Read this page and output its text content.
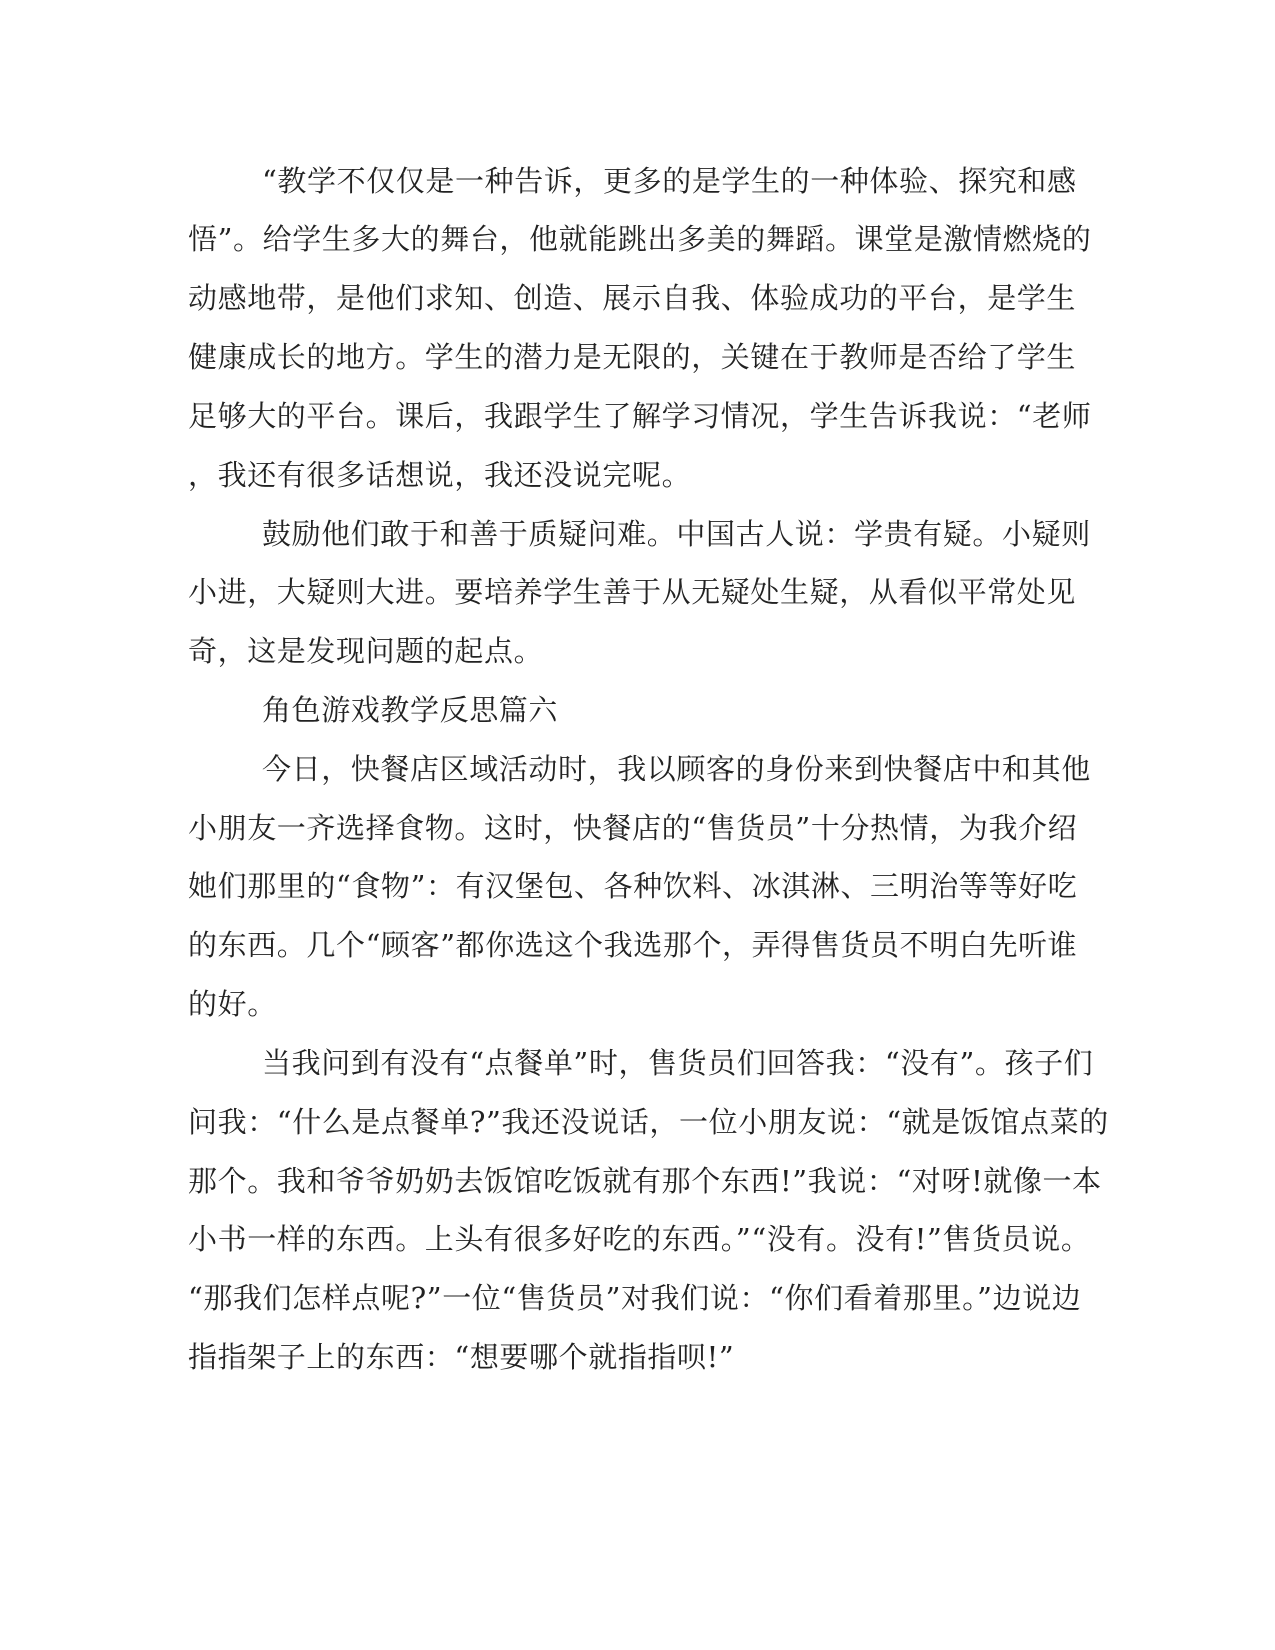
“教学不仅仅是一种告诉，更多的是学生的一种体验、探究和感

悟”。给学生多大的舞台，他就能跳出多美的舞蹈。课堂是激情燃烧的

动感地带，是他们求知、创造、展示自我、体验成功的平台，是学生

健康成长的地方。学生的潜力是无限的，关键在于教师是否给了学生

足够大的平台。课后，我跟学生了解学习情况，学生告诉我说：“老师

，我还有很多话想说，我还没说完呢。

鼓励他们敢于和善于质疑问难。中国古人说：学贵有疑。小疑则

小进，大疑则大进。要培养学生善于从无疑处生疑，从看似平常处见

奇，这是发现问题的起点。

角色游戏教学反思篇六

今日，快餐店区域活动时，我以顾客的身份来到快餐店中和其他

小朋友一齐选择食物。这时，快餐店的“售货员”十分热情，为我介绍

她们那里的“食物”：有汉堡包、各种饮料、冰淇淋、三明治等等好吃

的东西。几个“顾客”都你选这个我选那个，弄得售货员不明白先听谁

的好。

当我问到有没有“点餐单”时，售货员们回答我：“没有”。孩子们

问我：“什么是点餐单?”我还没说话，一位小朋友说：“就是饭馆点菜的

那个。我和爷爷奶奶去饭馆吃饭就有那个东西!”我说：“对呀!就像一本

小书一样的东西。上头有很多好吃的东西。”“没有。没有!”售货员说。

“那我们怎样点呢?”一位“售货员”对我们说：“你们看着那里。”边说边

指指架子上的东西：“想要哪个就指指呗!”
